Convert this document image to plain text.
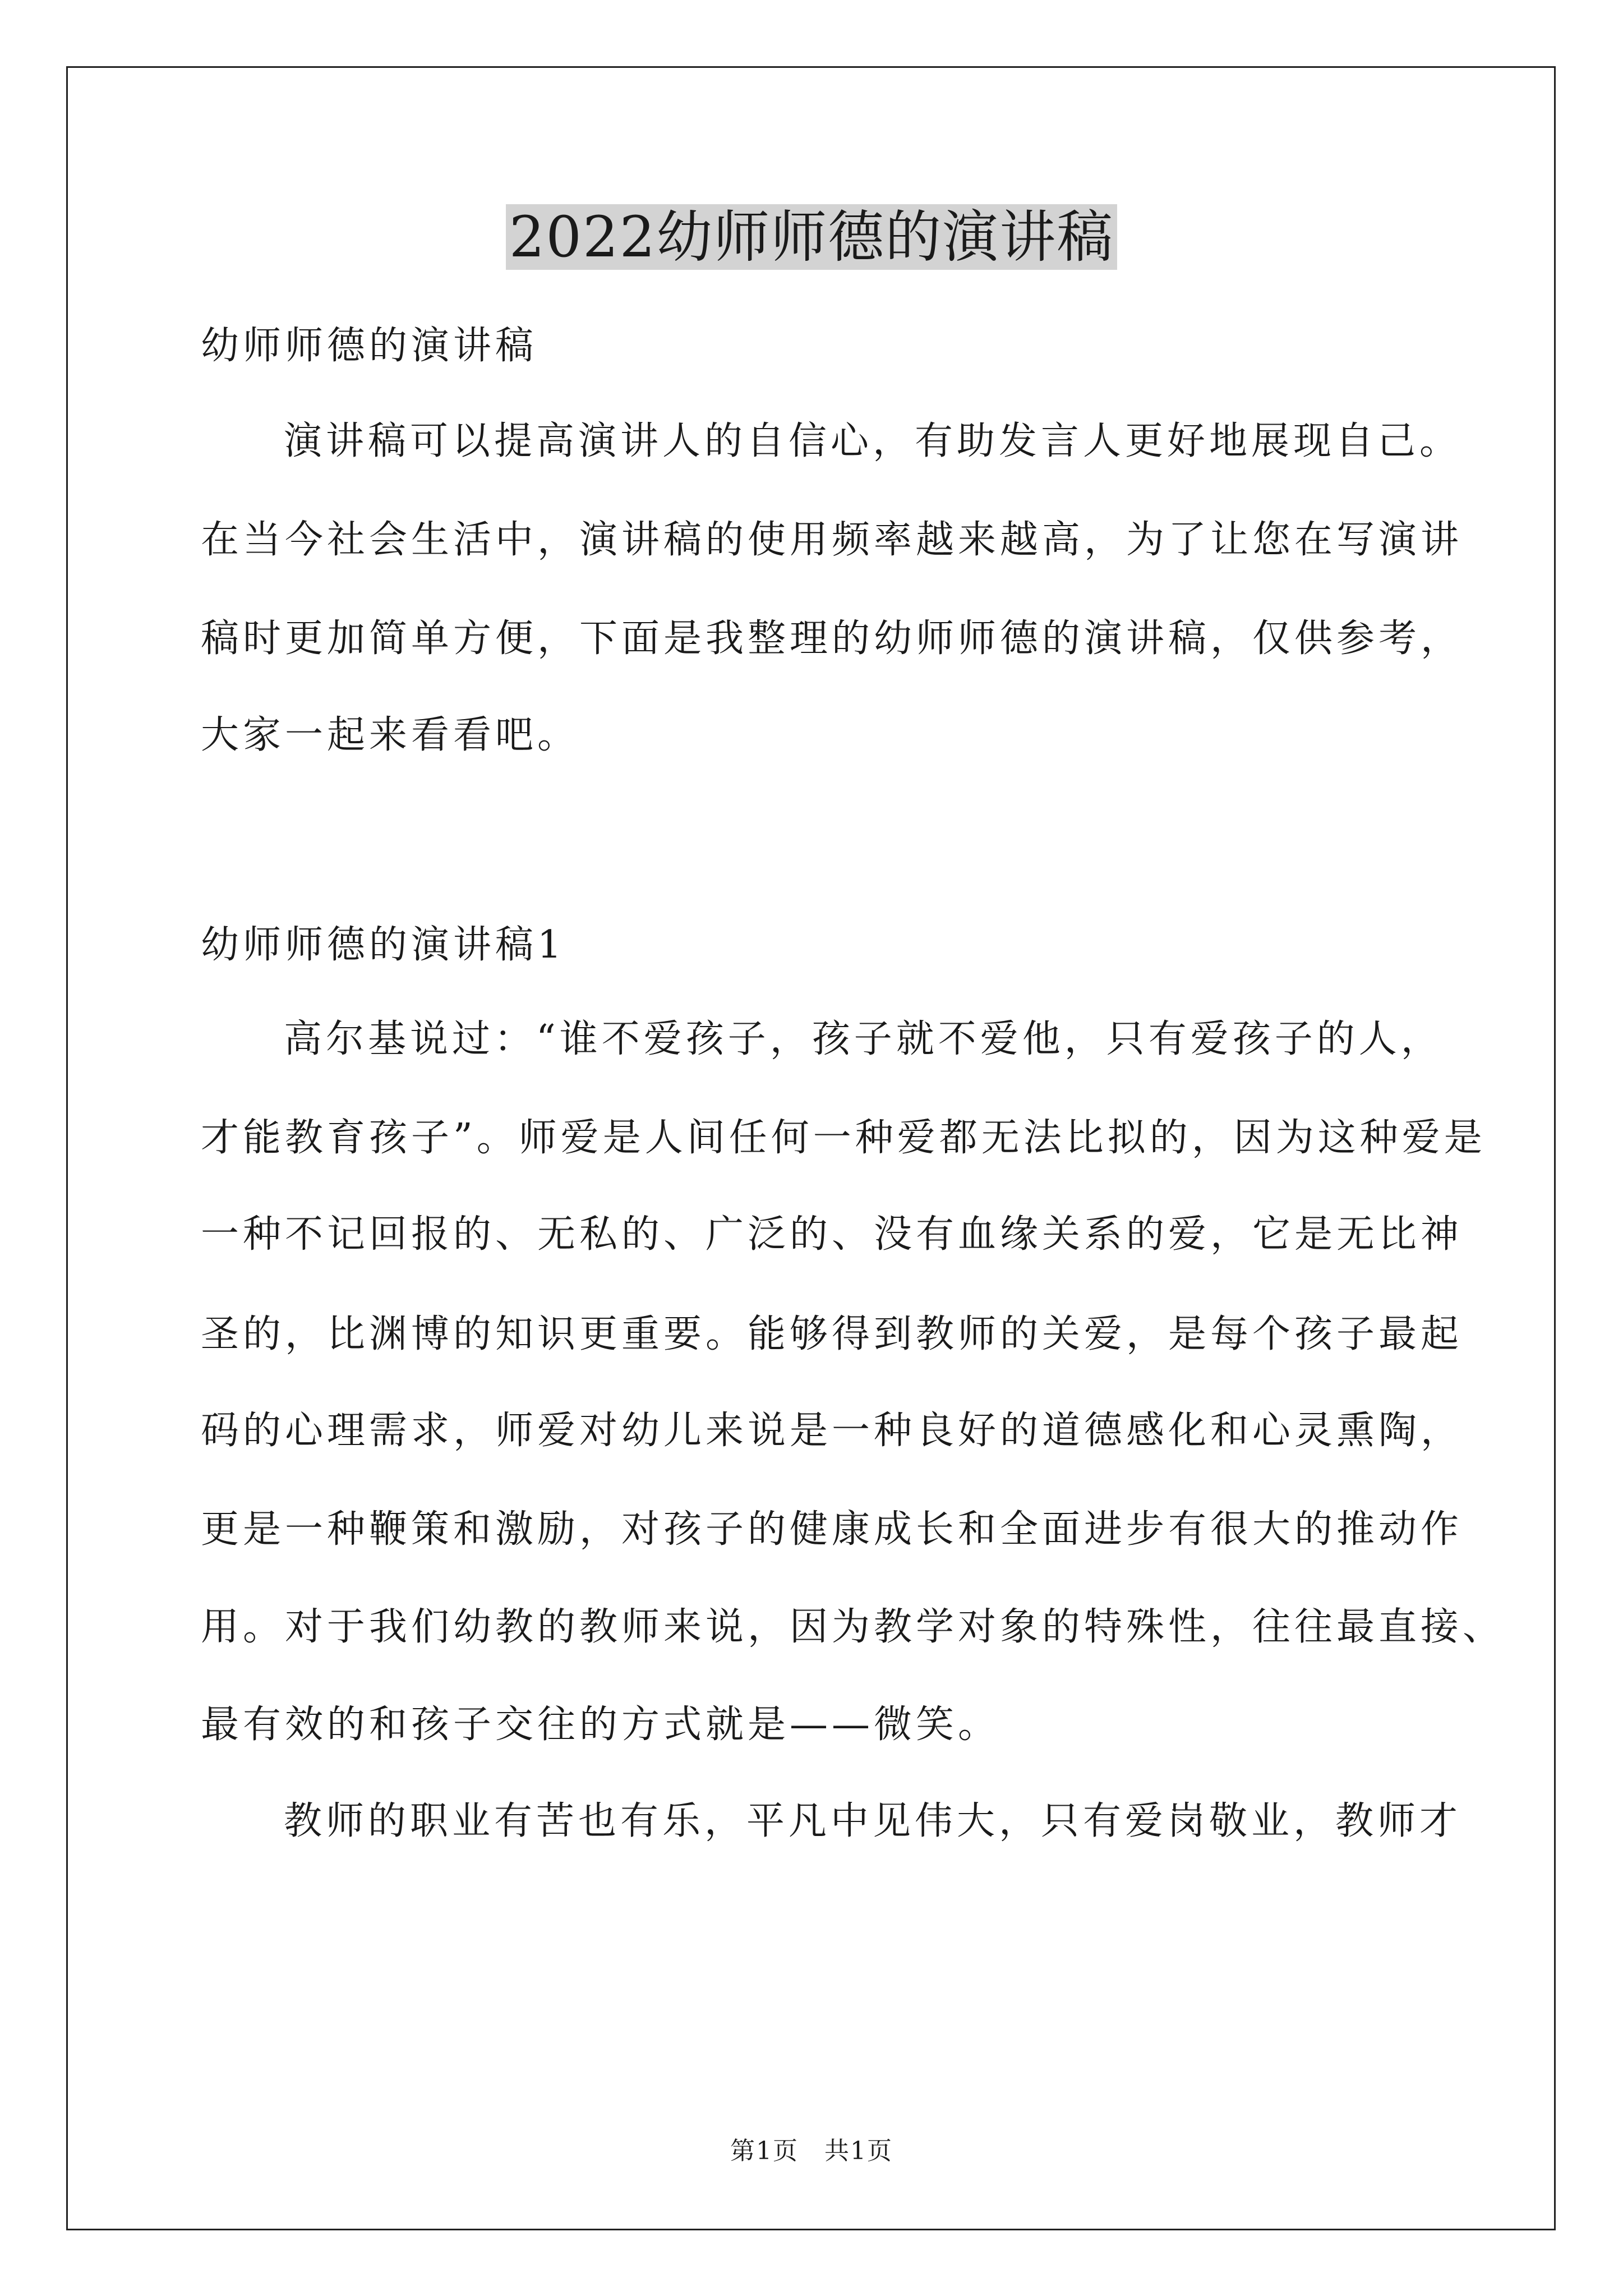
2022幼师师德的演讲稿
幼师师德的演讲稿
演讲稿可以提高演讲人的自信心，有助发言人更好地展现自己。
在当今社会生活中，演讲稿的使用频率越来越高，为了让您在写演讲
稿时更加简单方便，下面是我整理的幼师师德的演讲稿，仅供参考，
大家一起来看看吧。
幼师师德的演讲稿1
高尔基说过：“谁不爱孩子，孩子就不爱他，只有爱孩子的人，
才能教育孩子”。师爱是人间任何一种爱都无法比拟的，因为这种爱是
一种不记回报的、无私的、广泛的、没有血缘关系的爱，它是无比神
圣的，比渊博的知识更重要。能够得到教师的关爱，是每个孩子最起
码的心理需求，师爱对幼儿来说是一种良好的道德感化和心灵熏陶，
更是一种鞭策和激励，对孩子的健康成长和全面进步有很大的推动作
用。对于我们幼教的教师来说，因为教学对象的特殊性，往往最直接、
最有效的和孩子交往的方式就是——微笑。
教师的职业有苦也有乐，平凡中见伟大，只有爱岗敬业，教师才
第1页　共1页
